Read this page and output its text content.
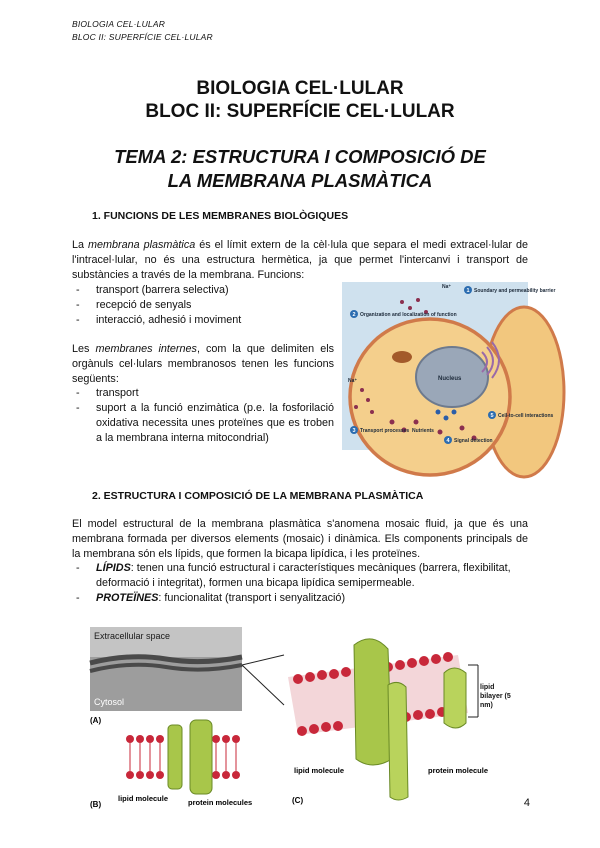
BIOLOGIA CEL·LULAR
BLOC II: SUPERFÍCIE CEL·LULAR
BIOLOGIA CEL·LULAR
BLOC II: SUPERFÍCIE CEL·LULAR
TEMA 2: ESTRUCTURA I COMPOSICIÓ DE
LA MEMBRANA PLASMÀTICA
1. FUNCIONS DE LES MEMBRANES BIOLÒGIQUES
La membrana plasmàtica és el límit extern de la cèl·lula que separa el medi extracel·lular de l'intracel·lular, no és una estructura hermètica, ja que permet l'intercanvi i transport de substàncies a través de la membrana. Funcions:
- transport (barrera selectiva)
- recepció de senyals
- interacció, adhesió i moviment
Les membranes internes, com la que delimiten els orgànuls cel·lulars membranosos tenen les funcions següents:
- transport
- suport a la funció enzimàtica (p.e. la fosforilació oxidativa necessita unes proteïnes que es troben a la membrana interna mitocondrial)
1
2
3
4
5
Soundary and permeability barrier
Organization and localization of function
Nucleus
Transport processes Nutrients
Cell-to-cell interactions
Signal detection
Na⁺
Na⁺
2. ESTRUCTURA I COMPOSICIÓ DE LA MEMBRANA PLASMÀTICA
El model estructural de la membrana plasmàtica s'anomena mosaic fluid, ja que és una membrana formada per diversos elements (mosaic) i dinàmica. Els components principals de la membrana són els lípids, que formen la bicapa lipídica, i les proteïnes.
- LÍPIDS: tenen una funció estructural i característiques mecàniques (barrera, flexibilitat, deformació i integritat), formen una bicapa lipídica semipermeable.
- PROTEÏNES: funcionalitat (transport i senyalització)
Extracellular space
Cytosol
(A)
(B)
lipid molecule	protein molecules
lipid bilayer (5 nm)
(C)
lipid molecule	protein molecule
4
